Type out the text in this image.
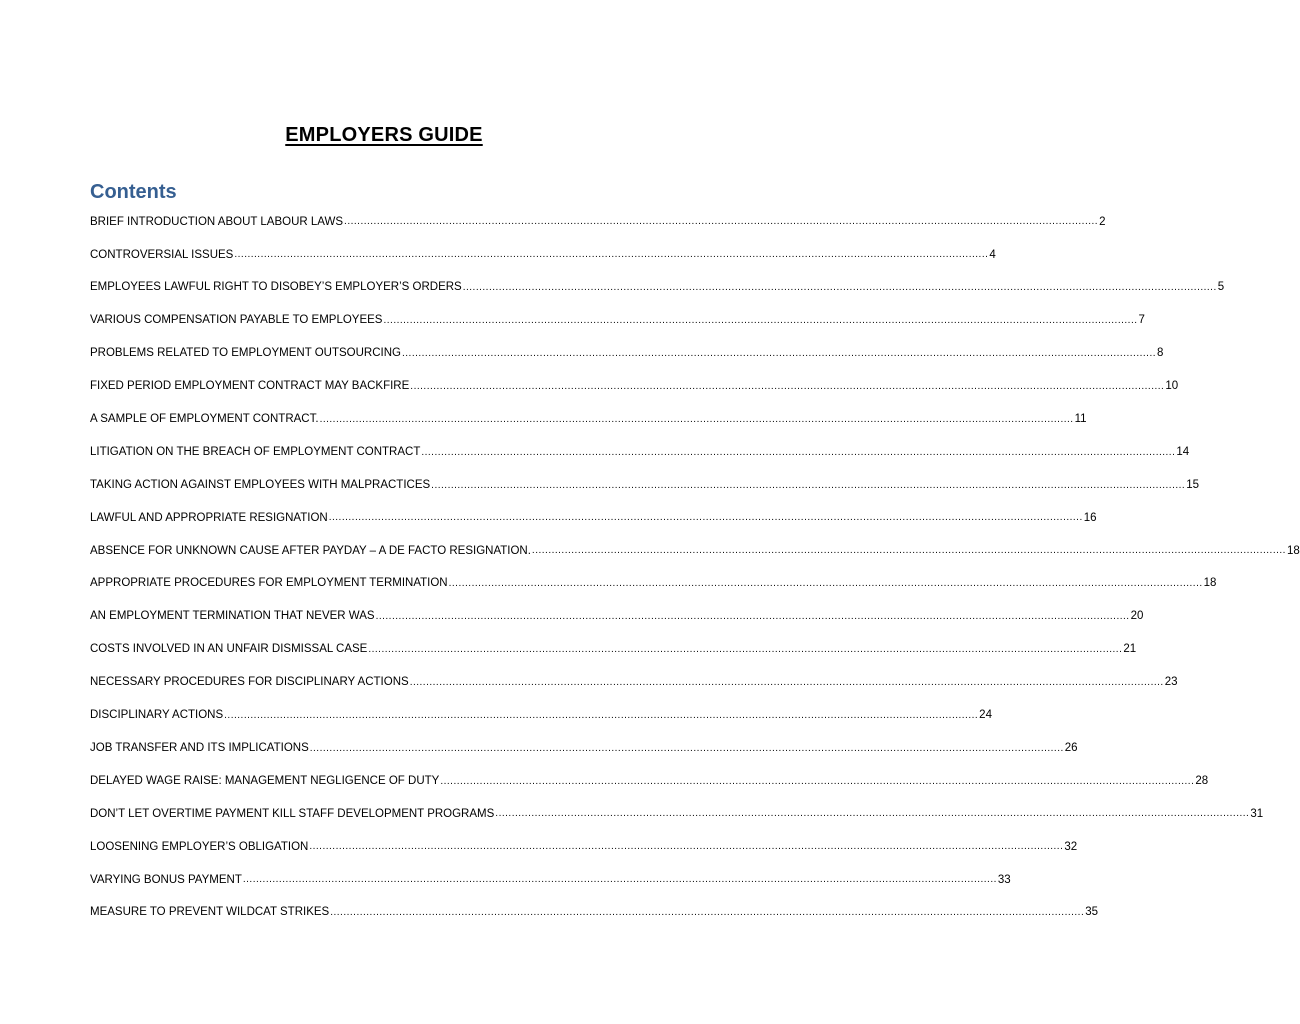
EMPLOYERS GUIDE
Contents
BRIEF INTRODUCTION ABOUT LABOUR LAWS .....	2
CONTROVERSIAL ISSUES .....	4
EMPLOYEES LAWFUL RIGHT TO DISOBEY’S EMPLOYER’S ORDERS .....	5
VARIOUS COMPENSATION PAYABLE TO EMPLOYEES .....	7
PROBLEMS RELATED TO EMPLOYMENT OUTSOURCING .....	8
FIXED PERIOD EMPLOYMENT CONTRACT MAY BACKFIRE .....	10
A SAMPLE OF EMPLOYMENT CONTRACT. .....	11
LITIGATION ON THE BREACH OF EMPLOYMENT CONTRACT .....	14
TAKING ACTION AGAINST EMPLOYEES WITH MALPRACTICES .....	15
LAWFUL AND APPROPRIATE RESIGNATION .....	16
ABSENCE FOR UNKNOWN CAUSE AFTER PAYDAY – A DE FACTO RESIGNATION. .....	18
APPROPRIATE PROCEDURES FOR EMPLOYMENT TERMINATION .....	18
AN EMPLOYMENT TERMINATION THAT NEVER WAS .....	20
COSTS INVOLVED IN AN UNFAIR DISMISSAL CASE .....	21
NECESSARY PROCEDURES FOR DISCIPLINARY ACTIONS .....	23
DISCIPLINARY ACTIONS .....	24
JOB TRANSFER AND ITS IMPLICATIONS .....	26
DELAYED WAGE RAISE: MANAGEMENT NEGLIGENCE OF DUTY .....	28
DON’T LET OVERTIME PAYMENT KILL STAFF DEVELOPMENT PROGRAMS .....	31
LOOSENING EMPLOYER’S OBLIGATION .....	32
VARYING BONUS PAYMENT .....	33
MEASURE TO PREVENT WILDCAT STRIKES .....	35
